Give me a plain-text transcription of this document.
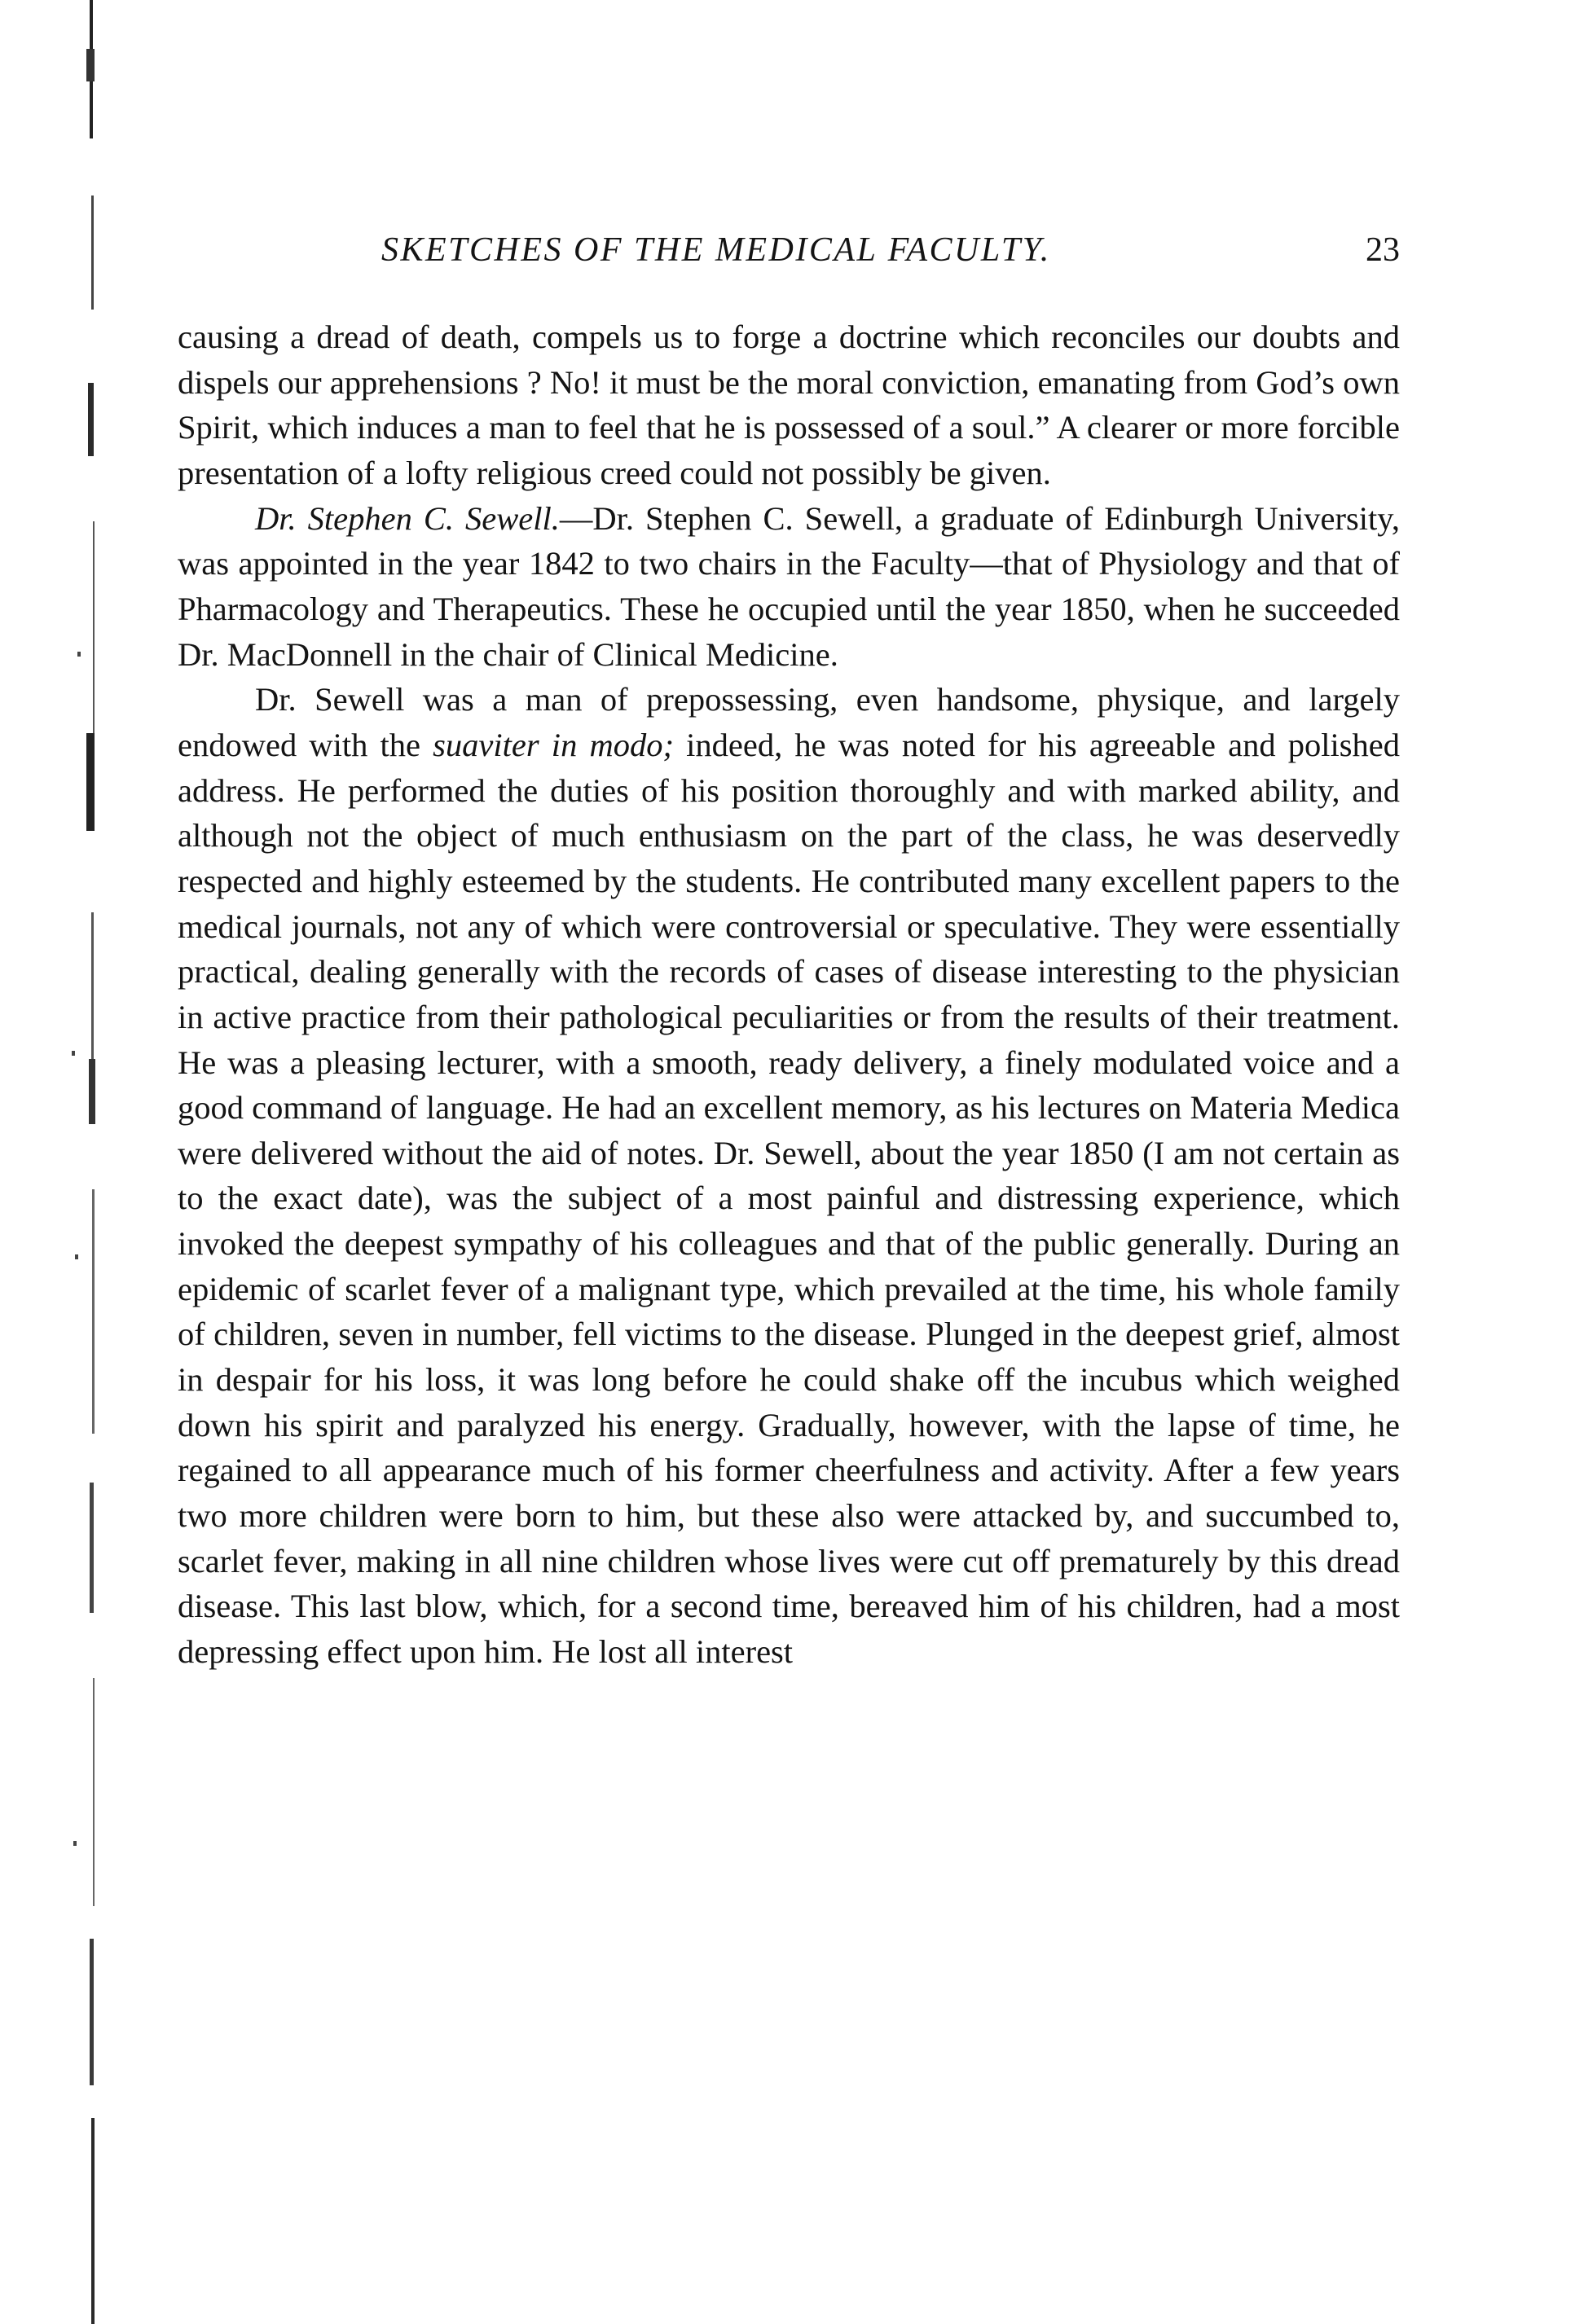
SKETCHES OF THE MEDICAL FACULTY.	23

causing a dread of death, compels us to forge a doctrine which reconciles our doubts and dispels our apprehensions ? No! it must be the moral conviction, emanating from God’s own Spirit, which induces a man to feel that he is possessed of a soul.” A clearer or more forcible presentation of a lofty religious creed could not possibly be given.

Dr. Stephen C. Sewell.—Dr. Stephen C. Sewell, a graduate of Edinburgh University, was appointed in the year 1842 to two chairs in the Faculty—that of Physiology and that of Pharmacology and Therapeutics. These he occupied until the year 1850, when he succeeded Dr. MacDonnell in the chair of Clinical Medicine.

Dr. Sewell was a man of prepossessing, even handsome, physique, and largely endowed with the suaviter in modo; indeed, he was noted for his agreeable and polished address. He performed the duties of his position thoroughly and with marked ability, and although not the object of much enthusiasm on the part of the class, he was deservedly respected and highly esteemed by the students. He contributed many excellent papers to the medical journals, not any of which were controversial or speculative. They were essentially practical, dealing generally with the records of cases of disease interesting to the physician in active practice from their pathological peculiarities or from the results of their treatment. He was a pleasing lecturer, with a smooth, ready delivery, a finely modulated voice and a good command of language. He had an excellent memory, as his lectures on Materia Medica were delivered without the aid of notes. Dr. Sewell, about the year 1850 (I am not certain as to the exact date), was the subject of a most painful and distressing experience, which invoked the deepest sympathy of his colleagues and that of the public generally. During an epidemic of scarlet fever of a malignant type, which prevailed at the time, his whole family of children, seven in number, fell victims to the disease. Plunged in the deepest grief, almost in despair for his loss, it was long before he could shake off the incubus which weighed down his spirit and paralyzed his energy. Gradually, however, with the lapse of time, he regained to all appearance much of his former cheerfulness and activity. After a few years two more children were born to him, but these also were attacked by, and succumbed to, scarlet fever, making in all nine children whose lives were cut off prematurely by this dread disease. This last blow, which, for a second time, bereaved him of his children, had a most depressing effect upon him. He lost all interest
